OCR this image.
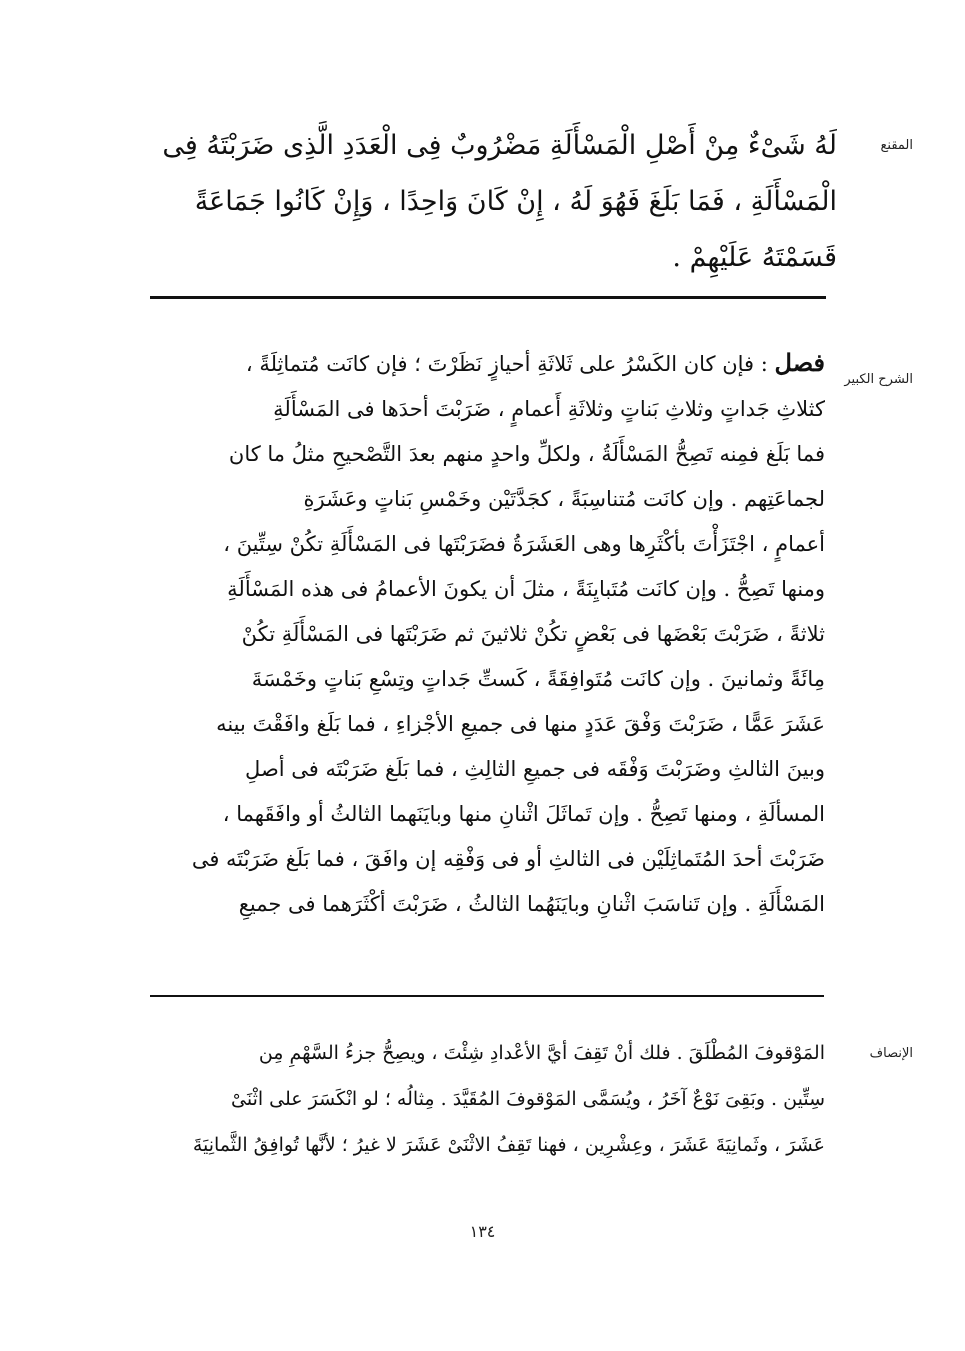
المقنع
لَهُ شَىْءٌ مِنْ أَصْلِ الْمَسْأَلَةِ مَضْرُوبٌ فِى الْعَدَدِ الَّذِى ضَرَبْتَهُ فِى
الْمَسْأَلَةِ ، فَمَا بَلَغَ فَهُوَ لَهُ ، إِنْ كَانَ وَاحِدًا ، وَإِنْ كَانُوا جَمَاعَةً
قَسَمْتَهُ عَلَيْهِمْ .
الشرح الكبير
فصل : فإن كان الكَسْرُ على ثَلاثَةِ أحيازٍ نَظَرْتَ ؛ فإن كانَت مُتماثِلَةً ،
كثلاثِ جَداتٍ وثلاثِ بَناتٍ وثلاثَةِ أَعمامٍ ، ضَرَبْتَ أحدَها فى المَسْأَلَةِ
فما بَلَغ فمِنه تَصِحُّ المَسْأَلَةُ ، ولكلِّ واحدٍ منهم بعدَ التَّصْحيحِ مثلُ ما كان
لجماعَتِهم . وإن كانَت مُتناسِبَةً ، كجَدَّتَيْن وخَمْسِ بَناتٍ وعَشَرَةِ
أعمامٍ ، اجْتَزَأْتَ بأكْثَرِها وهى العَشَرَةُ فضَرَبْتَها فى المَسْأَلَةِ تكُنْ سِتِّينَ ،
ومنها تَصِحُّ . وإن كانَت مُتَبايِنَةً ، مثلَ أن يكونَ الأعمامُ فى هذه المَسْأَلَةِ
ثلاثةً ، ضَرَبْتَ بَعْضَها فى بَعْضٍ تكُنْ ثلاثينَ ثم ضَرَبْتَها فى المَسْأَلَةِ تكُنْ
مِائَةً وثمانينَ . وإن كانَت مُتَوافِقَةً ، كَستِّ جَداتٍ وتِسْعِ بَناتٍ وخَمْسَةَ
عَشَرَ عَمًّا ، ضَرَبْتَ وَفْقَ عَدَدٍ منها فى جميعِ الأجْزاءِ ، فما بَلَغ وافَقْتَ بينه
وبينَ الثالثِ وضَرَبْتَ وَفْقَه فى جميعِ الثالِثِ ، فما بَلَغ ضَرَبْتَه فى أصلِ
المسألَةِ ، ومنها تَصِحُّ . وإن تَماثَلَ اثْنانِ منها وبايَنَهما الثالثُ أو وافَقَهما ،
ضَرَبْتَ أحدَ المُتَماثِلَيْن فى الثالثِ أو فى وَفْقِه إن وافَقَ ، فما بَلَغ ضَرَبْتَه فى
المَسْأَلَةِ . وإن تَناسَبَ اثْنانِ وبايَنَهُما الثالثُ ، ضَرَبْتَ أكْثَرَهما فى جميعِ
الإنصاف
المَوْقوفَ المُطْلَقَ . فلك أنْ تَقِفَ أيَّ الأعْدادِ شِئْتَ ، ويصِحُّ جزءُ السَّهْمِ مِن
سِتِّين . وبَقِىَ نَوْعٌ آخَرُ ، ويُسَمَّى المَوْقوفَ المُقَيَّدَ . مِثالُه ؛ لو انْكَسَرَ على اثْنَىْ
عَشَرَ ، وثَمانِيَةَ عَشَرَ ، وعِشْرِين ، فهنا تَقِفُ الاثْنَىْ عَشَرَ لا غيرُ ؛ لأنَّها تُوافِقُ الثَّمانِيَةَ
١٣٤
